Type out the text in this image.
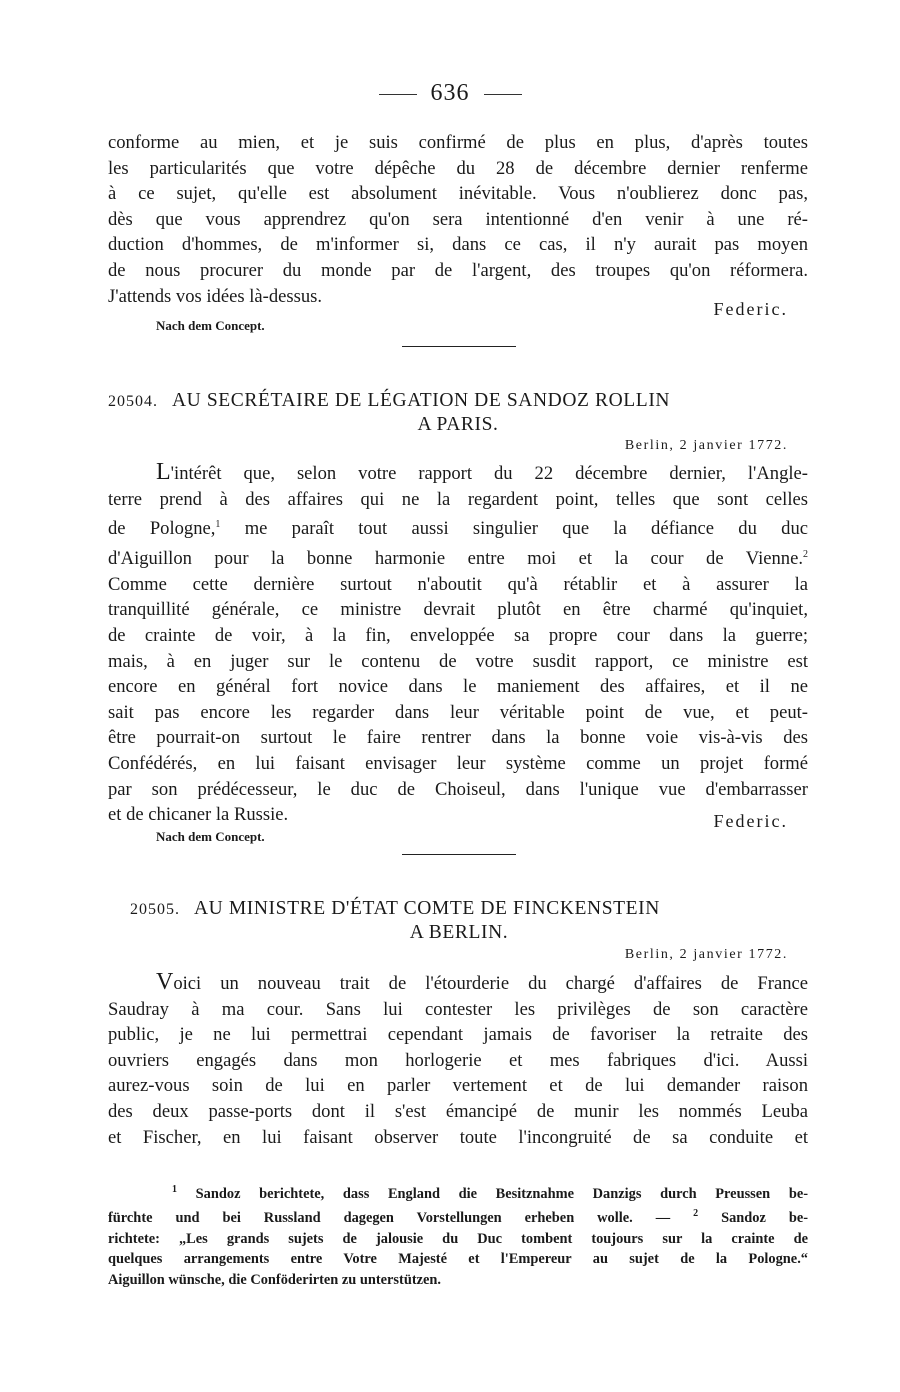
636
conforme au mien, et je suis confirmé de plus en plus, d'après toutes
les particularités que votre dépêche du 28 de décembre dernier renferme
à ce sujet, qu'elle est absolument inévitable. Vous n'oublierez donc pas,
dès que vous apprendrez qu'on sera intentionné d'en venir à une ré-
duction d'hommes, de m'informer si, dans ce cas, il n'y aurait pas moyen
de nous procurer du monde par de l'argent, des troupes qu'on réformera.
J'attends vos idées là-dessus.
Federic.
Nach dem Concept.
20504. AU SECRÉTAIRE DE LÉGATION DE SANDOZ ROLLIN
A PARIS.
Berlin, 2 janvier 1772.
L'intérêt que, selon votre rapport du 22 décembre dernier, l'Angle-
terre prend à des affaires qui ne la regardent point, telles que sont celles
de Pologne,$^1$ me paraît tout aussi singulier que la défiance du duc
d'Aiguillon pour la bonne harmonie entre moi et la cour de Vienne.$^2$
Comme cette dernière surtout n'aboutit qu'à rétablir et à assurer la
tranquillité générale, ce ministre devrait plutôt en être charmé qu'inquiet,
de crainte de voir, à la fin, enveloppée sa propre cour dans la guerre;
mais, à en juger sur le contenu de votre susdit rapport, ce ministre est
encore en général fort novice dans le maniement des affaires, et il ne
sait pas encore les regarder dans leur véritable point de vue, et peut-
être pourrait-on surtout le faire rentrer dans la bonne voie vis-à-vis des
Confédérés, en lui faisant envisager leur système comme un projet formé
par son prédécesseur, le duc de Choiseul, dans l'unique vue d'embarrasser
et de chicaner la Russie.	Federic.
Nach dem Concept.
20505. AU MINISTRE D'ÉTAT COMTE DE FINCKENSTEIN
A BERLIN.
Berlin, 2 janvier 1772.
Voici un nouveau trait de l'étourderie du chargé d'affaires de France
Saudray à ma cour. Sans lui contester les privilèges de son caractère
public, je ne lui permettrai cependant jamais de favoriser la retraite des
ouvriers engagés dans mon horlogerie et mes fabriques d'ici. Aussi
aurez-vous soin de lui en parler vertement et de lui demander raison
des deux passe-ports dont il s'est émancipé de munir les nommés Leuba
et Fischer, en lui faisant observer toute l'incongruité de sa conduite et
$^1$ Sandoz berichtete, dass England die Besitznahme Danzigs durch Preussen be-
fürchte und bei Russland dagegen Vorstellungen erheben wolle. — $^2$ Sandoz be-
richtete: „Les grands sujets de jalousie du Duc tombent toujours sur la crainte de
quelques arrangements entre Votre Majesté et l'Empereur au sujet de la Pologne.“
Aiguillon wünsche, die Conföderirten zu unterstützen.
